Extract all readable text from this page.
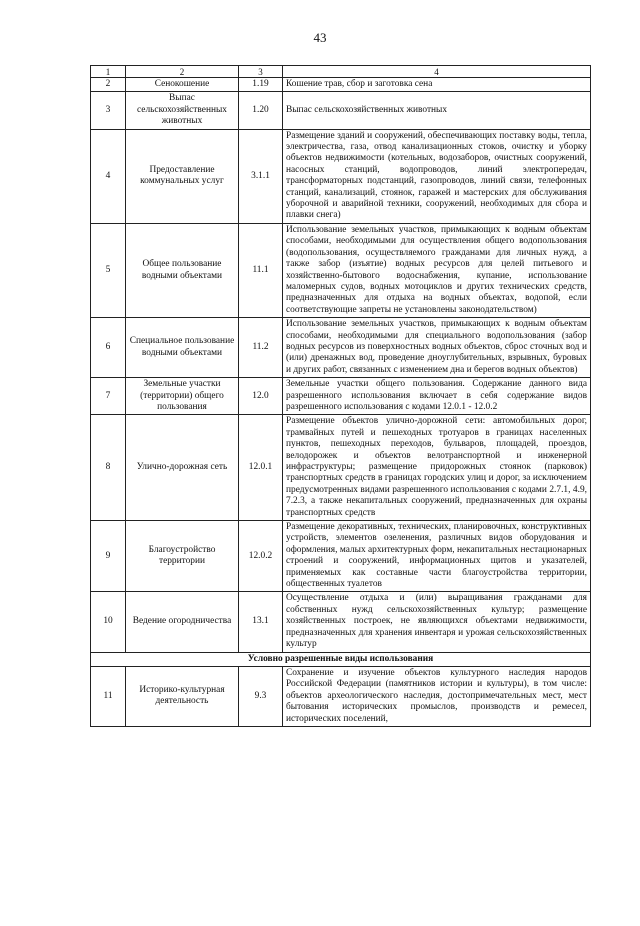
43
1	2	3	4
2	Сенокошение	1.19	Кошение трав, сбор и заготовка сена
3	Выпас сельскохозяйственных животных	1.20	Выпас сельскохозяйственных животных
4	Предоставление коммунальных услуг	3.1.1	Размещение зданий и сооружений, обеспечивающих поставку воды, тепла, электричества, газа, отвод канализационных стоков, очистку и уборку объектов недвижимости (котельных, водозаборов, очистных сооружений, насосных станций, водопроводов, линий электропередач, трансформаторных подстанций, газопроводов, линий связи, телефонных станций, канализаций, стоянок, гаражей и мастерских для обслуживания уборочной и аварийной техники, сооружений, необходимых для сбора и плавки снега)
5	Общее пользование водными объектами	11.1	Использование земельных участков, примыкающих к водным объектам способами, необходимыми для осуществления общего водопользования (водопользования, осуществляемого гражданами для личных нужд, а также забор (изъятие) водных ресурсов для целей питьевого и хозяйственно-бытового водоснабжения, купание, использование маломерных судов, водных мотоциклов и других технических средств, предназначенных для отдыха на водных объектах, водопой, если соответствующие запреты не установлены законодательством)
6	Специальное пользование водными объектами	11.2	Использование земельных участков, примыкающих к водным объектам способами, необходимыми для специального водопользования (забор водных ресурсов из поверхностных водных объектов, сброс сточных вод и (или) дренажных вод, проведение дноуглубительных, взрывных, буровых и других работ, связанных с изменением дна и берегов водных объектов)
7	Земельные участки (территории) общего пользования	12.0	Земельные участки общего пользования. Содержание данного вида разрешенного использования включает в себя содержание видов разрешенного использования с кодами 12.0.1 - 12.0.2
8	Улично-дорожная сеть	12.0.1	Размещение объектов улично-дорожной сети: автомобильных дорог, трамвайных путей и пешеходных тротуаров в границах населенных пунктов, пешеходных переходов, бульваров, площадей, проездов, велодорожек и объектов велотранспортной и инженерной инфраструктуры; размещение придорожных стоянок (парковок) транспортных средств в границах городских улиц и дорог, за исключением предусмотренных видами разрешенного использования с кодами 2.7.1, 4.9, 7.2.3, а также некапитальных сооружений, предназначенных для охраны транспортных средств
9	Благоустройство территории	12.0.2	Размещение декоративных, технических, планировочных, конструктивных устройств, элементов озеленения, различных видов оборудования и оформления, малых архитектурных форм, некапитальных нестационарных строений и сооружений, информационных щитов и указателей, применяемых как составные части благоустройства территории, общественных туалетов
10	Ведение огородничества	13.1	Осуществление отдыха и (или) выращивания гражданами для собственных нужд сельскохозяйственных культур; размещение хозяйственных построек, не являющихся объектами недвижимости, предназначенных для хранения инвентаря и урожая сельскохозяйственных культур
Условно разрешенные виды использования			
11	Историко-культурная деятельность	9.3	Сохранение и изучение объектов культурного наследия народов Российской Федерации (памятников истории и культуры), в том числе: объектов археологического наследия, достопримечательных мест, мест бытования исторических промыслов, производств и ремесел, исторических поселений,
